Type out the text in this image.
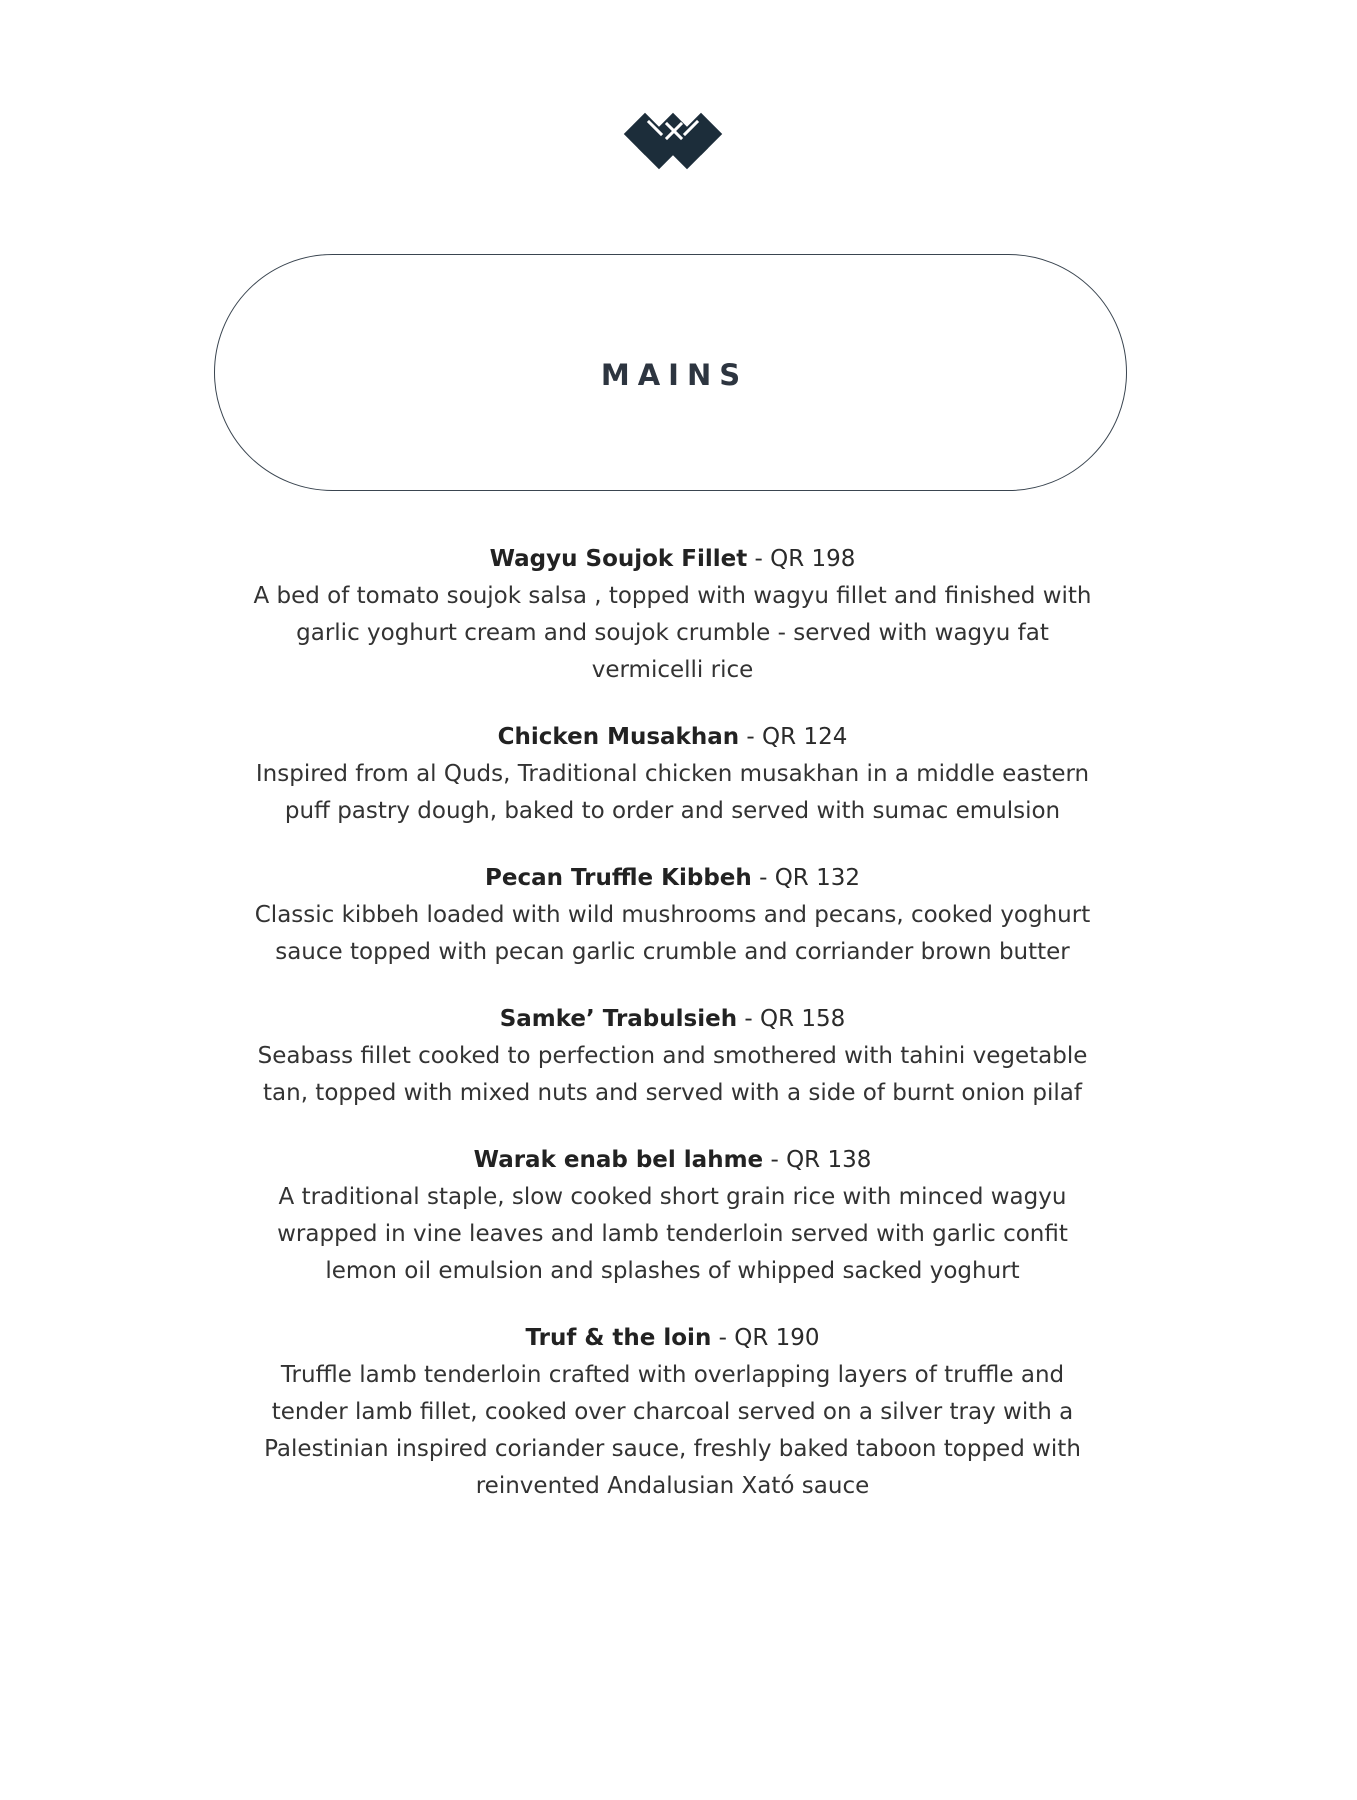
MAINS
Wagyu Soujok Fillet - QR 198
A bed of tomato soujok salsa , topped with wagyu fillet and finished with
garlic yoghurt cream and soujok crumble - served with wagyu fat
vermicelli rice
Chicken Musakhan - QR 124
Inspired from al Quds, Traditional chicken musakhan in a middle eastern
puff pastry dough, baked to order and served with sumac emulsion
Pecan Truffle Kibbeh - QR 132
Classic kibbeh loaded with wild mushrooms and pecans, cooked yoghurt
sauce topped with pecan garlic crumble and corriander brown butter
Samke’ Trabulsieh - QR 158
Seabass fillet cooked to perfection and smothered with tahini vegetable
tan, topped with mixed nuts and served with a side of burnt onion pilaf
Warak enab bel lahme - QR 138
A traditional staple, slow cooked short grain rice with minced wagyu
wrapped in vine leaves and lamb tenderloin served with garlic confit
lemon oil emulsion and splashes of whipped sacked yoghurt
Truf & the loin - QR 190
Truffle lamb tenderloin crafted with overlapping layers of truffle and
tender lamb fillet, cooked over charcoal served on a silver tray with a
Palestinian inspired coriander sauce, freshly baked taboon topped with
reinvented Andalusian Xató sauce
